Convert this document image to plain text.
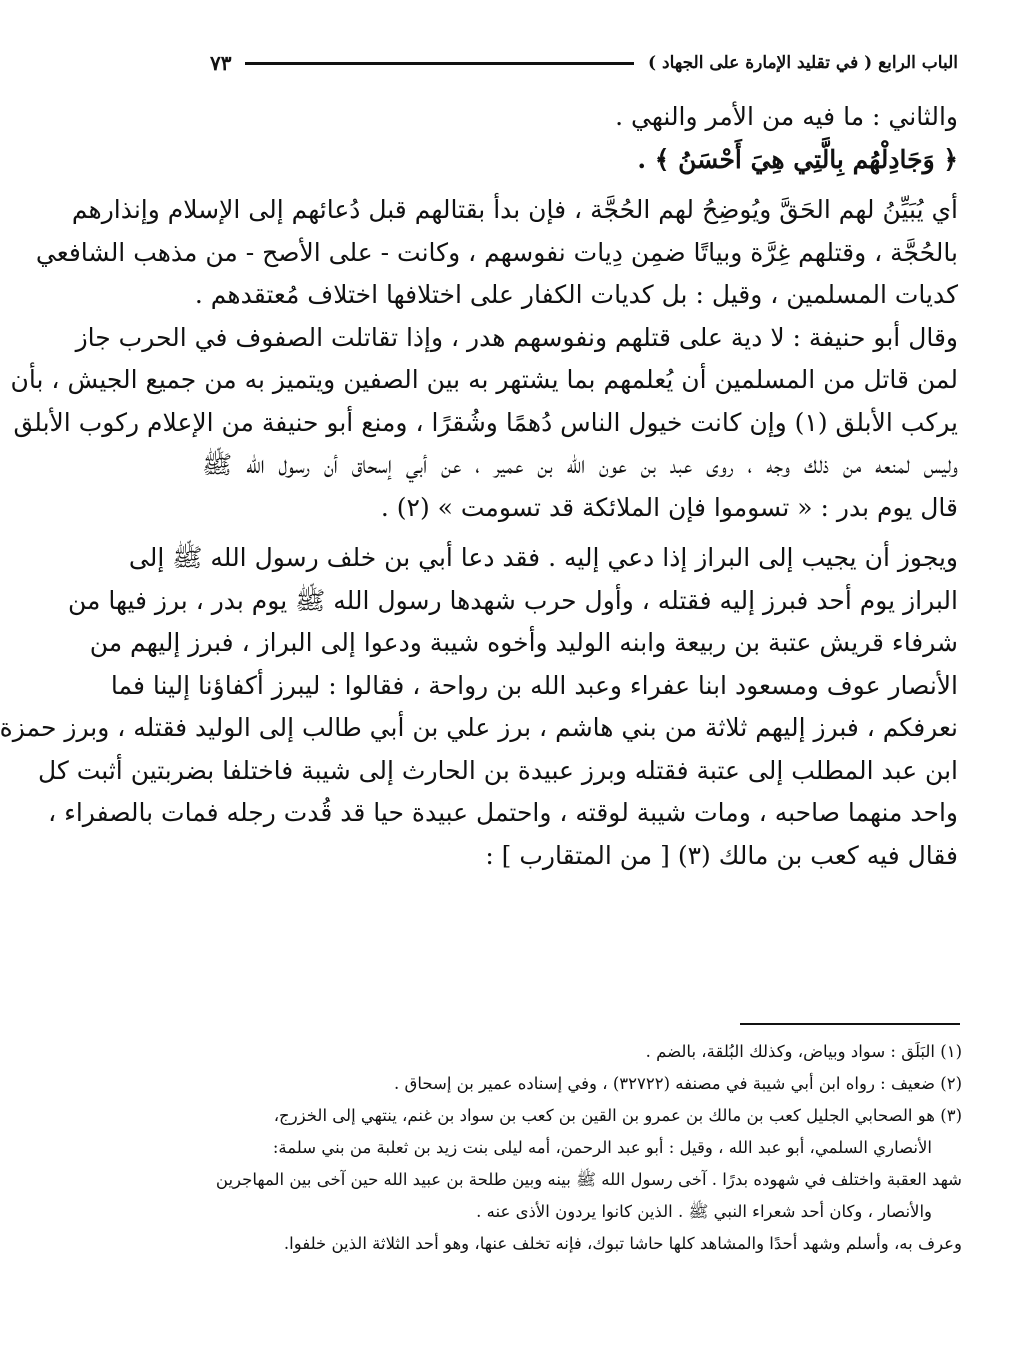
الباب الرابع ( في تقليد الإمارة على الجهاد )
٧٣
والثاني : ما فيه من الأمر والنهي .
﴿ وَجَادِلْهُم بِالَّتِي هِيَ أَحْسَنُ ﴾ .
أي يُبَيِّنُ لهم الحَقَّ ويُوضِحُ لهم الحُجَّة ، فإن بدأ بقتالهم قبل دُعائهم إلى الإسلام وإنذارهم
بالحُجَّة ، وقتلهم غِرَّة وبياتًا ضمِن دِيات نفوسهم ، وكانت - على الأصح - من مذهب الشافعي
كديات المسلمين ، وقيل : بل كديات الكفار على اختلافها اختلاف مُعتقدهم .
وقال أبو حنيفة : لا دية على قتلهم ونفوسهم هدر ، وإذا تقاتلت الصفوف في الحرب جاز
لمن قاتل من المسلمين أن يُعلمهم بما يشتهر به بين الصفين ويتميز به من جميع الجيش ، بأن
يركب الأبلق (١) وإن كانت خيول الناس دُهمًا وشُقرًا ، ومنع أبو حنيفة من الإعلام ركوب الأبلق
وليس لمنعه من ذلك وجه ، روى عبد بن عون الله بن عمير ، عن أبي إسحاق أن رسول الله ﷺ
قال يوم بدر : « تسوموا فإن الملائكة قد تسومت » (٢) .
ويجوز أن يجيب إلى البراز إذا دعي إليه . فقد دعا أبي بن خلف رسول الله ﷺ إلى
البراز يوم أحد فبرز إليه فقتله ، وأول حرب شهدها رسول الله ﷺ يوم بدر ، برز فيها من
شرفاء قريش عتبة بن ربيعة وابنه الوليد وأخوه شيبة ودعوا إلى البراز ، فبرز إليهم من
الأنصار عوف ومسعود ابنا عفراء وعبد الله بن رواحة ، فقالوا : ليبرز أكفاؤنا إلينا فما
نعرفكم ، فبرز إليهم ثلاثة من بني هاشم ، برز علي بن أبي طالب إلى الوليد فقتله ، وبرز حمزة
ابن عبد المطلب إلى عتبة فقتله وبرز عبيدة بن الحارث إلى شيبة فاختلفا بضربتين أثبت كل
واحد منهما صاحبه ، ومات شيبة لوقته ، واحتمل عبيدة حيا قد قُدت رجله فمات بالصفراء ،
فقال فيه كعب بن مالك (٣) [ من المتقارب ] :
(١) البَلَق : سواد وبياض، وكذلك البُلقة، بالضم .
(٢) ضعيف : رواه ابن أبي شيبة في مصنفه (٣٢٧٢٢) ، وفي إسناده عمير بن إسحاق .
(٣) هو الصحابي الجليل كعب بن مالك بن عمرو بن القين بن كعب بن سواد بن غنم، ينتهي إلى الخزرج،
الأنصاري السلمي، أبو عبد الله ، وقيل : أبو عبد الرحمن، أمه ليلى بنت زيد بن ثعلبة من بني سلمة:
شهد العقبة واختلف في شهوده بدرًا . آخى رسول الله ﷺ بينه وبين طلحة بن عبيد الله حين آخى بين المهاجرين
والأنصار ، وكان أحد شعراء النبي ﷺ . الذين كانوا يردون الأذى عنه .
وعرف به، وأسلم وشهد أحدًا والمشاهد كلها حاشا تبوك، فإنه تخلف عنها، وهو أحد الثلاثة الذين خلفوا.
